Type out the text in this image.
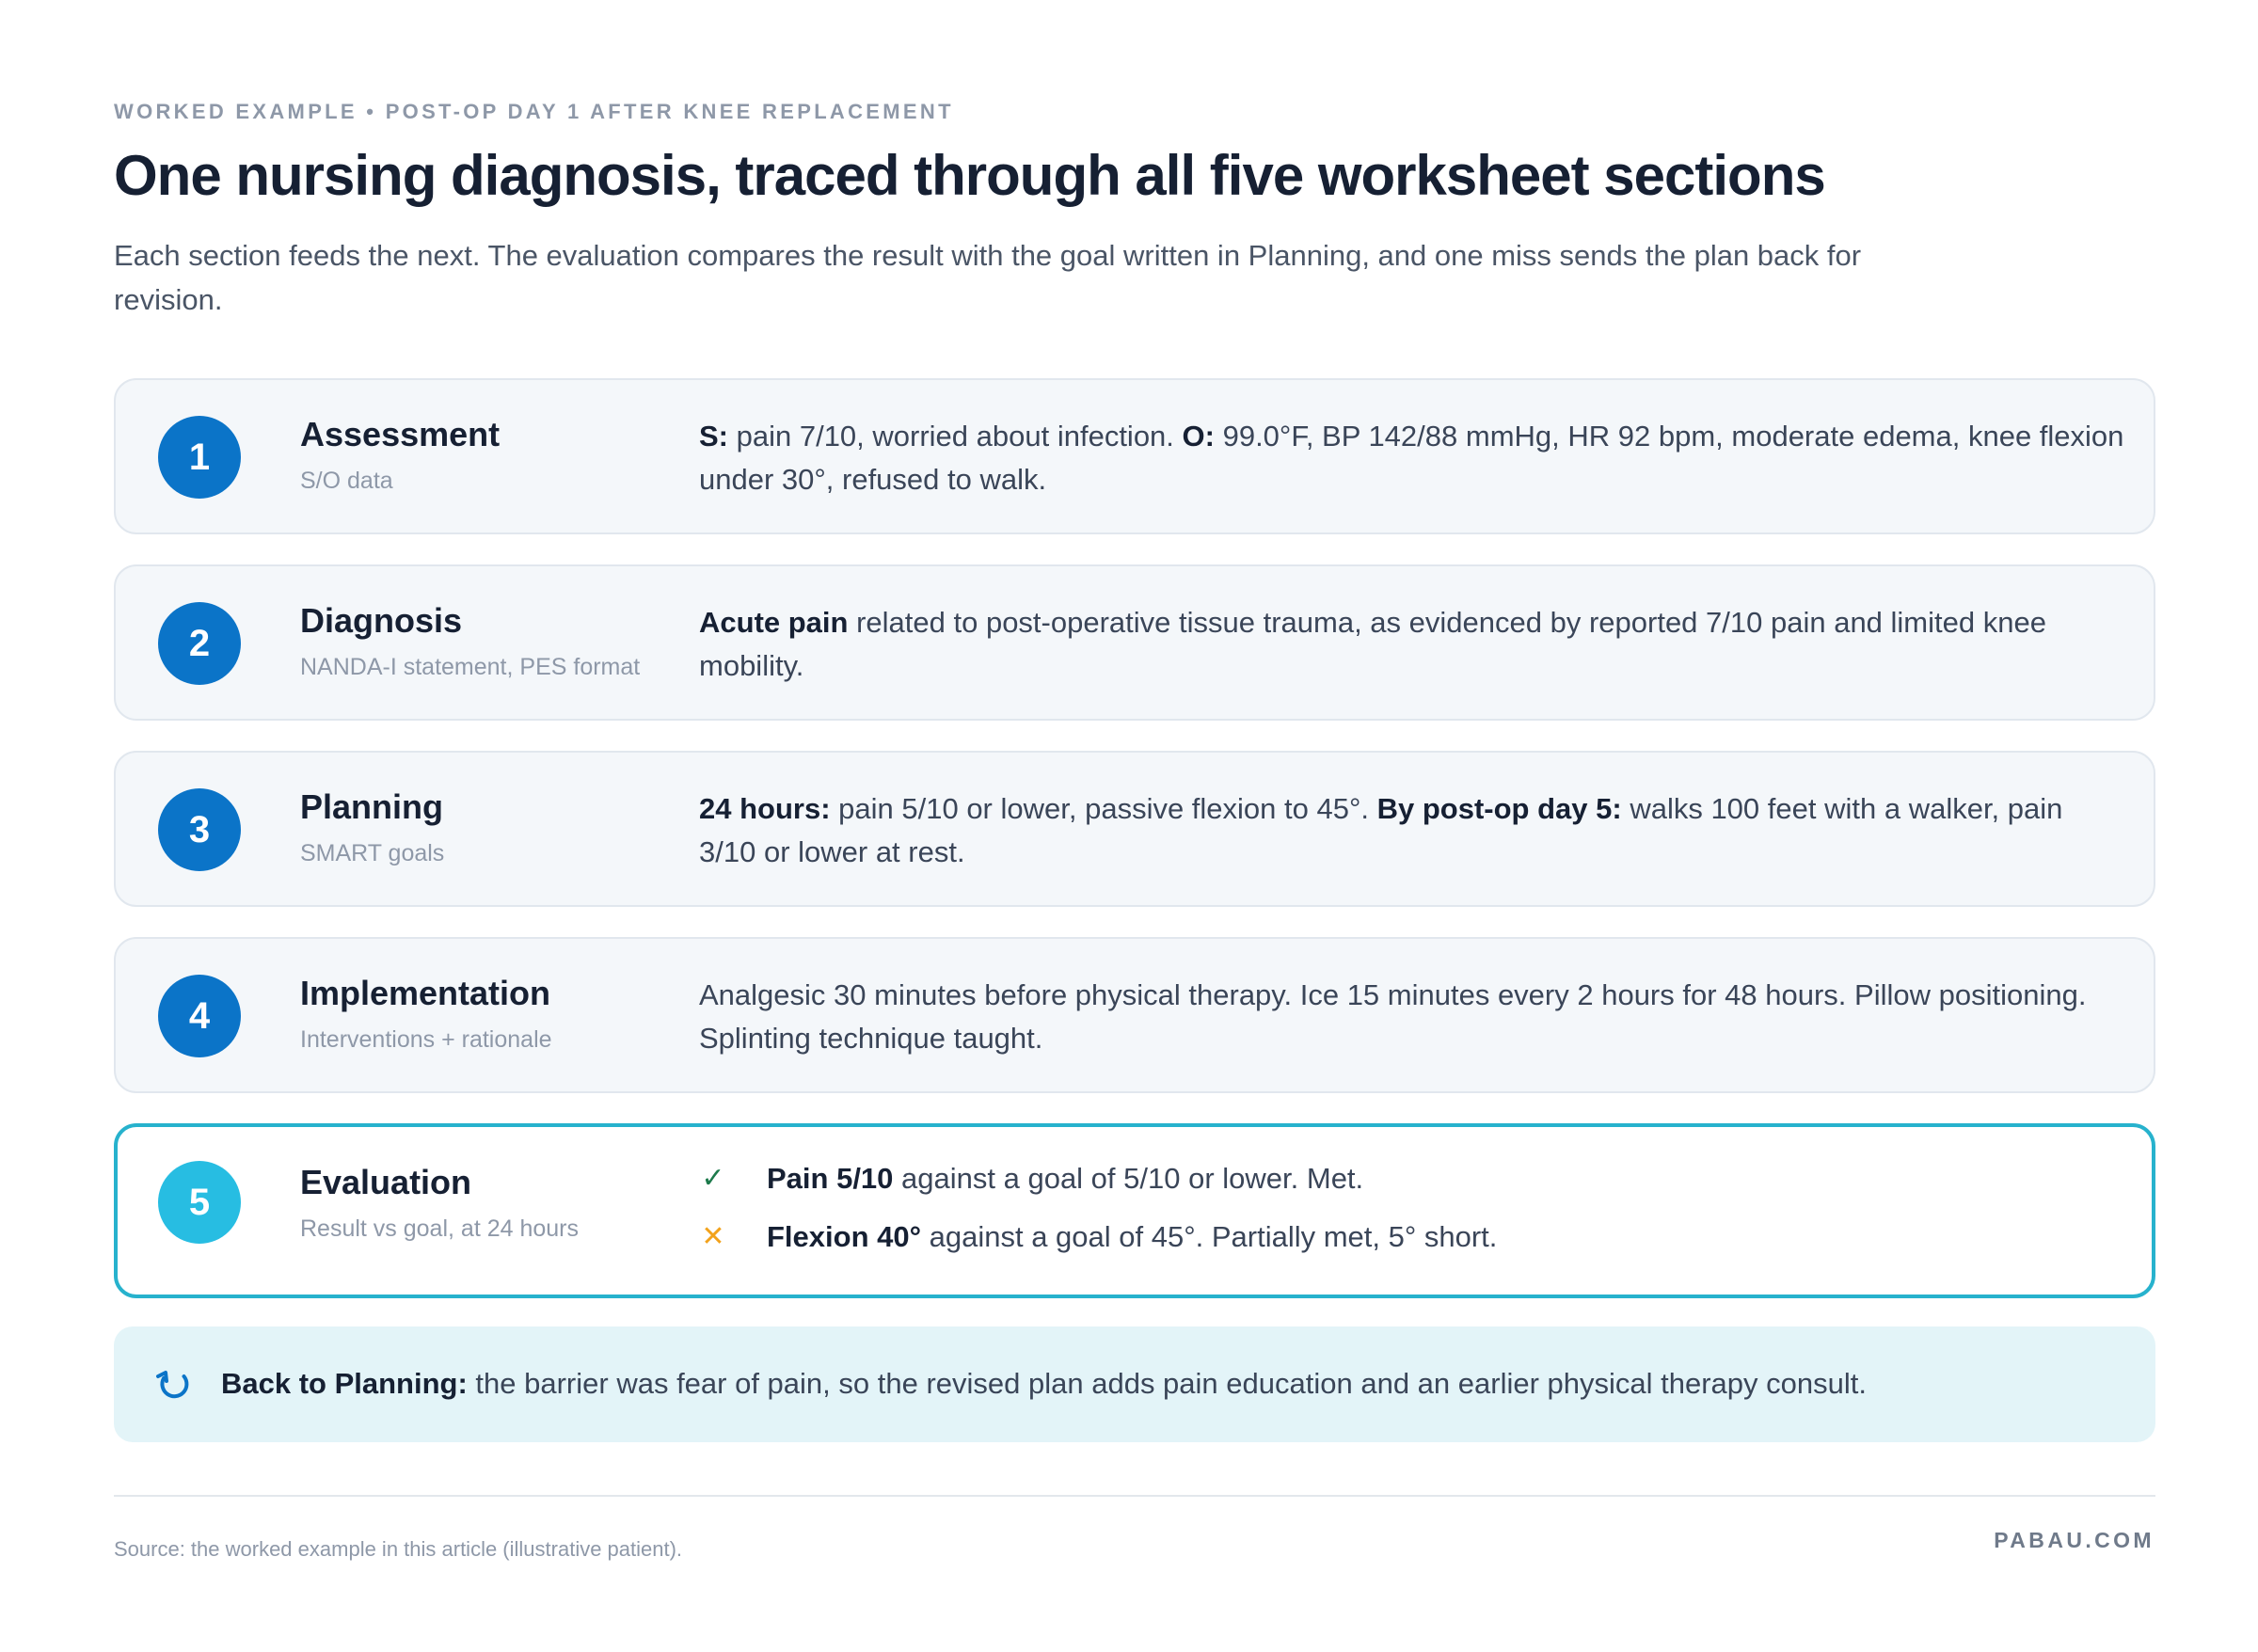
WORKED EXAMPLE • POST-OP DAY 1 AFTER KNEE REPLACEMENT
One nursing diagnosis, traced through all five worksheet sections

Each section feeds the next. The evaluation compares the result with the goal written in Planning, and one miss sends the plan back for revision.

1
Assessment
S/O data
S: pain 7/10, worried about infection. O: 99.0°F, BP 142/88 mmHg, HR 92 bpm, moderate edema, knee flexion under 30°, refused to walk.
2
Diagnosis
NANDA-I statement, PES format
Acute pain related to post-operative tissue trauma, as evidenced by reported 7/10 pain and limited knee mobility.
3
Planning
SMART goals
24 hours: pain 5/10 or lower, passive flexion to 45°. By post-op day 5: walks 100 feet with a walker, pain 3/10 or lower at rest.
4
Implementation
Interventions + rationale
Analgesic 30 minutes before physical therapy. Ice 15 minutes every 2 hours for 48 hours. Pillow positioning. Splinting technique taught.
5	Evaluation
Result vs goal, at 24 hours
✓ Pain 5/10 against a goal of 5/10 or lower. Met.
✕ Flexion 40° against a goal of 45°. Partially met, 5° short.
Back to Planning: the barrier was fear of pain, so the revised plan adds pain education and an earlier physical therapy consult.
Source: the worked example in this article (illustrative patient).	PABAU.COM
